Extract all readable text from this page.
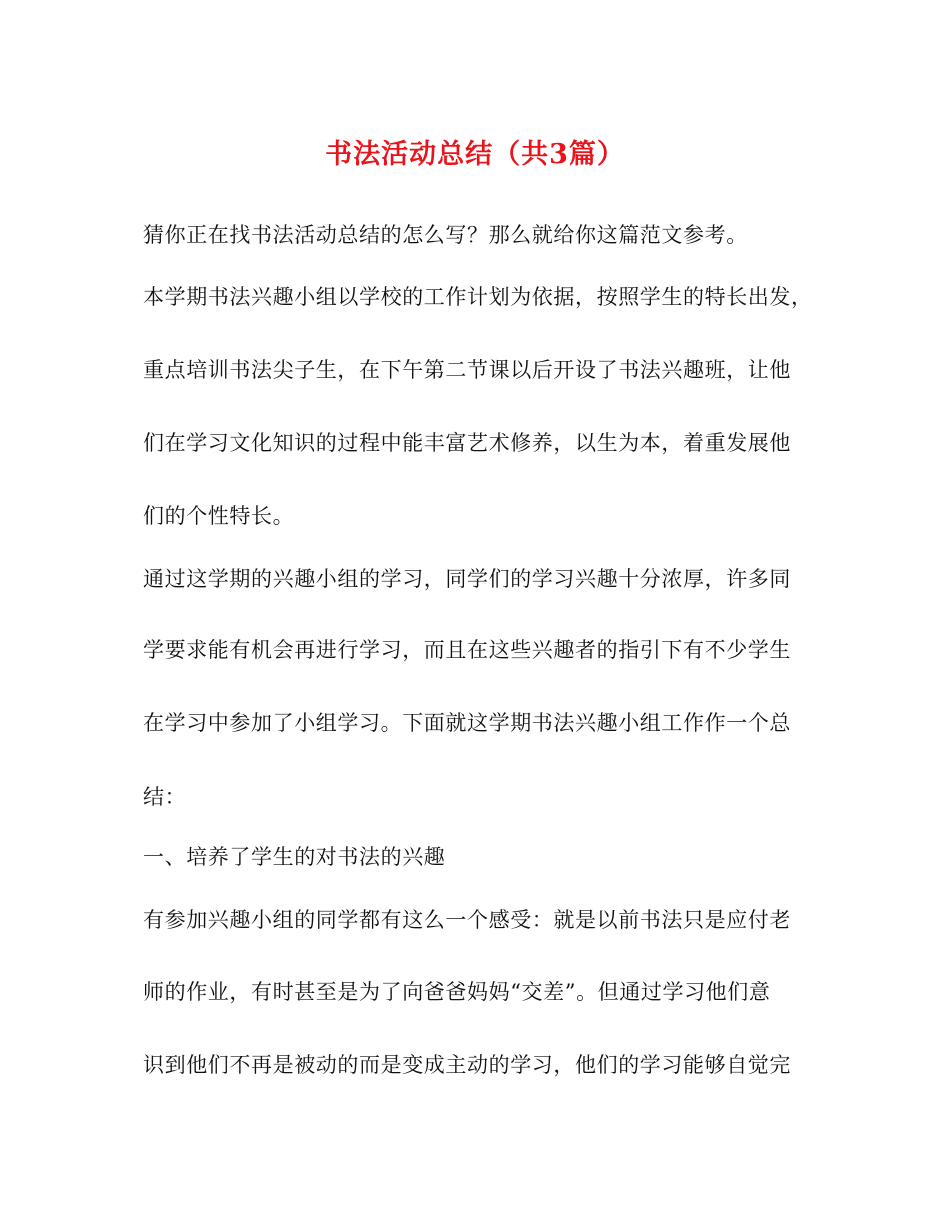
书法活动总结（共3篇）
猜你正在找书法活动总结的怎么写？那么就给你这篇范文参考。
本学期书法兴趣小组以学校的工作计划为依据，按照学生的特长出发，
重点培训书法尖子生，在下午第二节课以后开设了书法兴趣班，让他
们在学习文化知识的过程中能丰富艺术修养，以生为本，着重发展他
们的个性特长。
通过这学期的兴趣小组的学习，同学们的学习兴趣十分浓厚，许多同
学要求能有机会再进行学习，而且在这些兴趣者的指引下有不少学生
在学习中参加了小组学习。下面就这学期书法兴趣小组工作作一个总
结：
一、培养了学生的对书法的兴趣
有参加兴趣小组的同学都有这么一个感受：就是以前书法只是应付老
师的作业，有时甚至是为了向爸爸妈妈“交差”。但通过学习他们意
识到他们不再是被动的而是变成主动的学习，他们的学习能够自觉完
